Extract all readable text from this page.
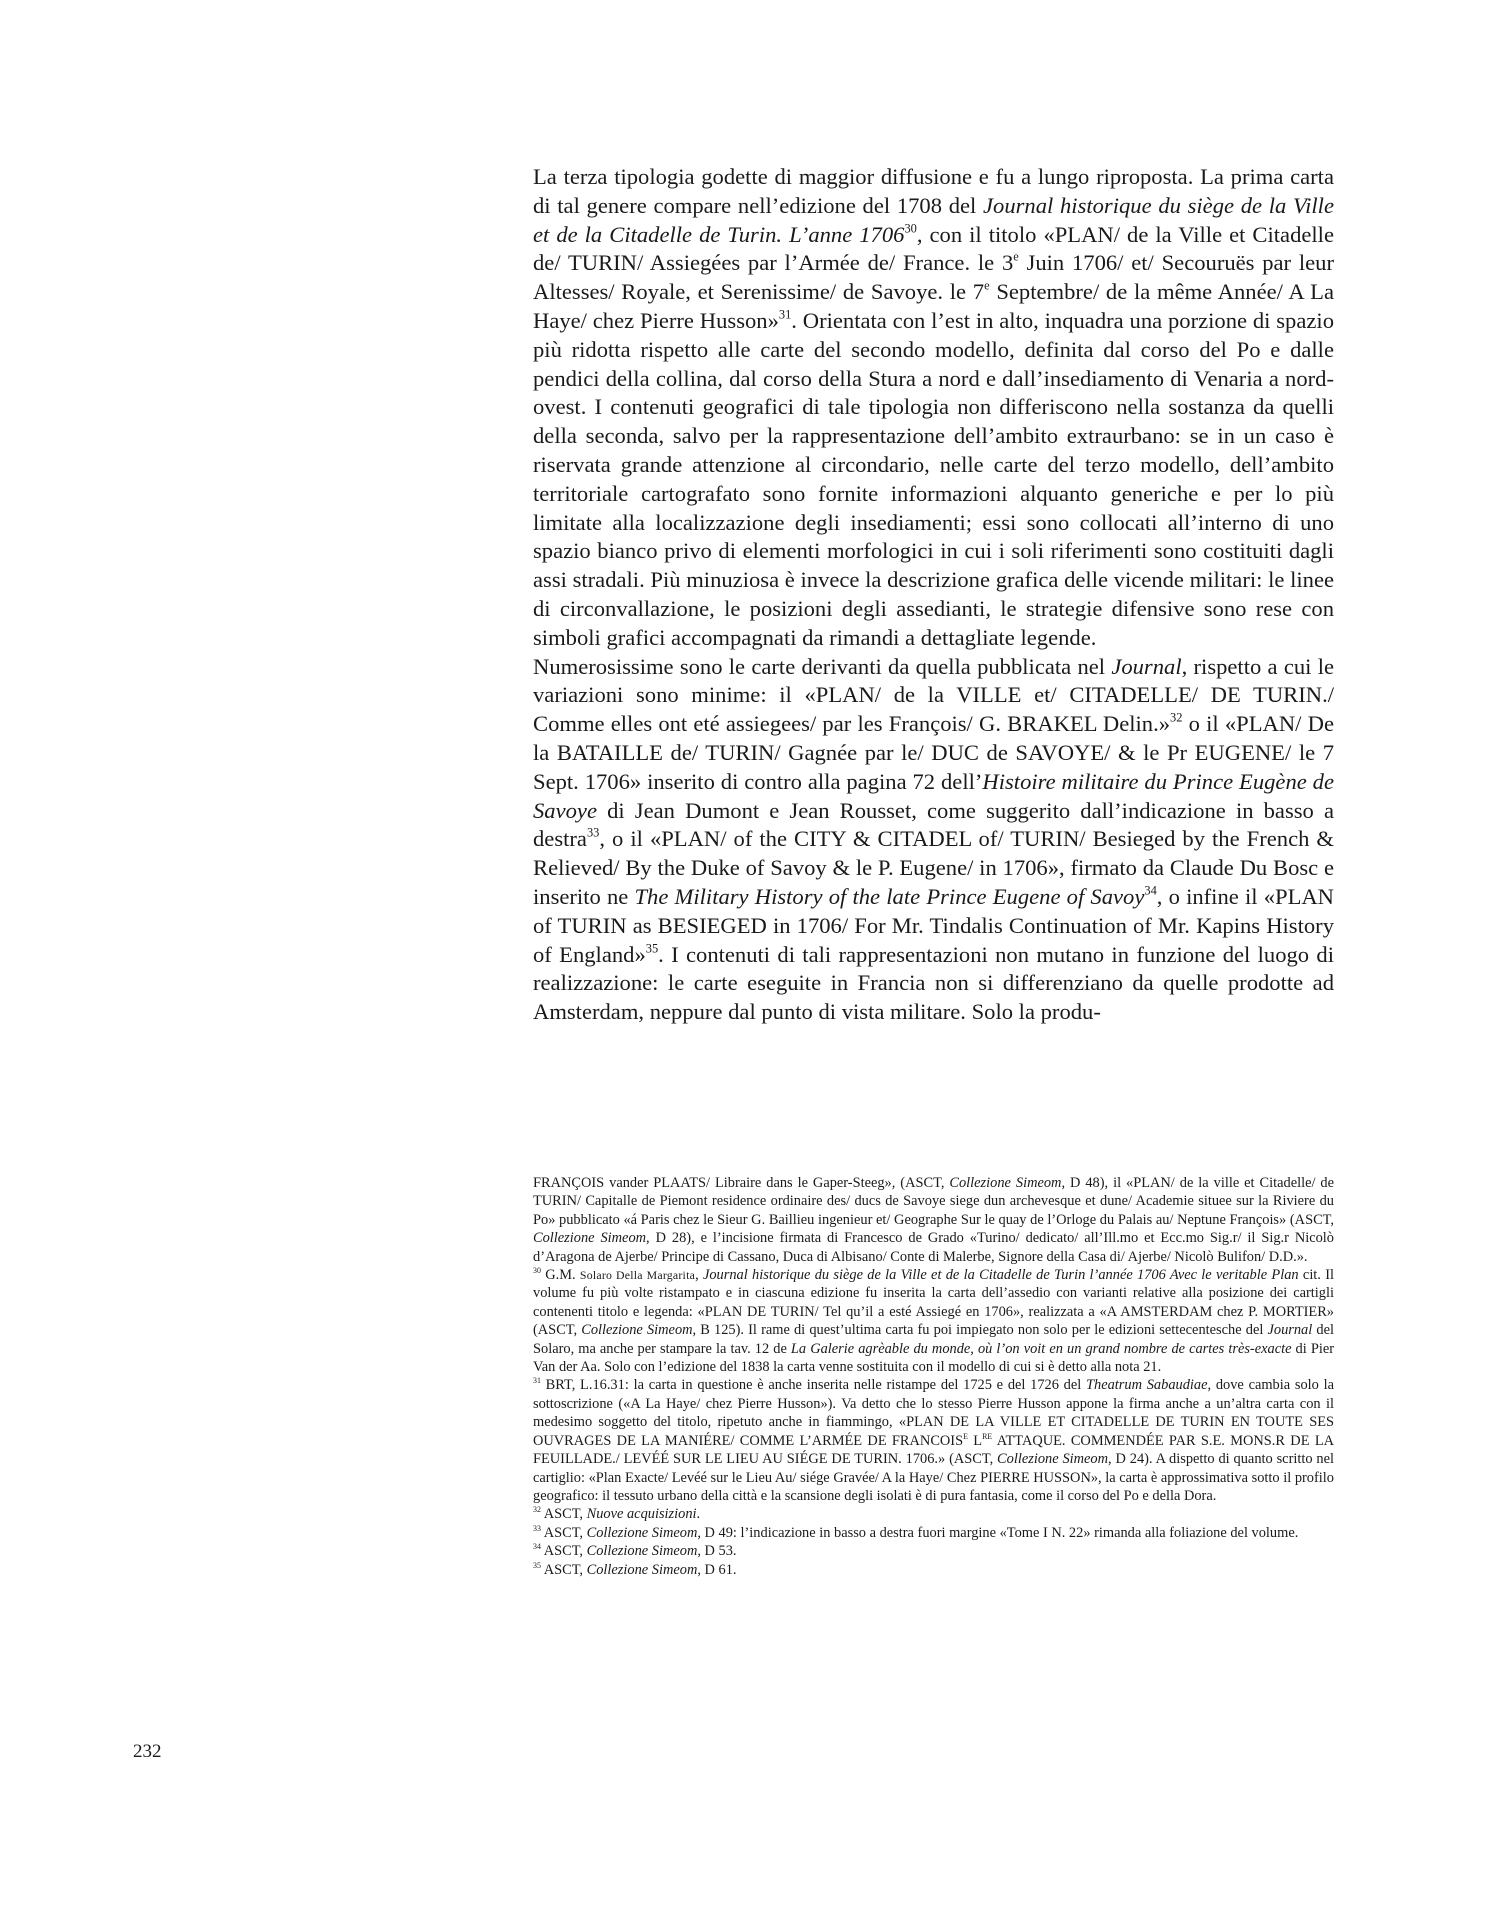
La terza tipologia godette di maggior diffusione e fu a lungo riproposta. La prima carta di tal genere compare nell’edizione del 1708 del Journal historique du siège de la Ville et de la Citadelle de Turin. L’anne 1706$^{30}$, con il titolo «PLAN/ de la Ville et Citadelle de/ TURIN/ Assiegées par l’Armée de/ France. le 3e Juin 1706/ et/ Secouruës par leur Altesses/ Royale, et Serenissime/ de Savoye. le 7e Septembre/ de la même Année/ A La Haye/ chez Pierre Husson»$^{31}$. Orientata con l’est in alto, inquadra una porzione di spazio più ridotta rispetto alle carte del secondo modello, definita dal corso del Po e dalle pendici della collina, dal corso della Stura a nord e dall’insediamento di Venaria a nord-ovest. I contenuti geografici di tale tipologia non differiscono nella sostanza da quelli della seconda, salvo per la rappresentazione dell’ambito extraurbano: se in un caso è riservata grande attenzione al circondario, nelle carte del terzo modello, dell’ambito territoriale cartografato sono fornite informazioni alquanto generiche e per lo più limitate alla localizzazione degli insediamenti; essi sono collocati all’interno di uno spazio bianco privo di elementi morfologici in cui i soli riferimenti sono costituiti dagli assi stradali. Più minuziosa è invece la descrizione grafica delle vicende militari: le linee di circonvallazione, le posizioni degli assedianti, le strategie difensive sono rese con simboli grafici accompagnati da rimandi a dettagliate legende.

Numerosissime sono le carte derivanti da quella pubblicata nel Journal, rispetto a cui le variazioni sono minime: il «PLAN/ de la VILLE et/ CITADELLE/ DE TURIN./ Comme elles ont eté assiegees/ par les François/ G. BRAKEL Delin.»$^{32}$ o il «PLAN/ De la BATAILLE de/ TURIN/ Gagnée par le/ DUC de SAVOYE/ & le Pr EUGENE/ le 7 Sept. 1706» inserito di contro alla pagina 72 dell’Histoire militaire du Prince Eugène de Savoye di Jean Dumont e Jean Rousset, come suggerito dall’indicazione in basso a destra$^{33}$, o il «PLAN/ of the CITY & CITADEL of/ TURIN/ Besieged by the French & Relieved/ By the Duke of Savoy & le P. Eugene/ in 1706», firmato da Claude Du Bosc e inserito ne The Military History of the late Prince Eugene of Savoy$^{34}$, o infine il «PLAN of TURIN as BESIEGED in 1706/ For Mr. Tindalis Continuation of Mr. Kapins History of England»$^{35}$. I contenuti di tali rappresentazioni non mutano in funzione del luogo di realizzazione: le carte eseguite in Francia non si differenziano da quelle prodotte ad Amsterdam, neppure dal punto di vista militare. Solo la produ-

FRANÇOIS vander PLAATS/ Libraire dans le Gaper-Steeg», (ASCT, Collezione Simeom, D 48), il «PLAN/ de la ville et Citadelle/ de TURIN/ Capitalle de Piemont residence ordinaire des/ ducs de Savoye siege dun archevesque et dune/ Academie situee sur la Riviere du Po» pubblicato «á Paris chez le Sieur G. Baillieu ingenieur et/ Geographe Sur le quay de l’Orloge du Palais au/ Neptune François» (ASCT, Collezione Simeom, D 28), e l’incisione firmata di Francesco de Grado «Turino/ dedicato/ all’Ill.mo et Ecc.mo Sig.r/ il Sig.r Nicolò d’Aragona de Ajerbe/ Principe di Cassano, Duca di Albisano/ Conte di Malerbe, Signore della Casa di/ Ajerbe/ Nicolò Bulifon/ D.D.».

$^{30}$ G.M. Solaro Della Margarita, Journal historique du siège de la Ville et de la Citadelle de Turin l’année 1706 Avec le veritable Plan cit. Il volume fu più volte ristampato e in ciascuna edizione fu inserita la carta dell’assedio con varianti relative alla posizione dei cartigli contenenti titolo e legenda: «PLAN DE TURIN/ Tel qu’il a esté Assiegé en 1706», realizzata a «A AMSTERDAM chez P. MORTIER» (ASCT, Collezione Simeom, B 125). Il rame di quest’ultima carta fu poi impiegato non solo per le edizioni settecentesche del Journal del Solaro, ma anche per stampare la tav. 12 de La Galerie agrèable du monde, où l’on voit en un grand nombre de cartes très-exacte di Pier Van der Aa. Solo con l’edizione del 1838 la carta venne sostituita con il modello di cui si è detto alla nota 21.

$^{31}$ BRT, L.16.31: la carta in questione è anche inserita nelle ristampe del 1725 e del 1726 del Theatrum Sabaudiae, dove cambia solo la sottoscrizione («A La Haye/ chez Pierre Husson»). Va detto che lo stesso Pierre Husson appone la firma anche a un’altra carta con il medesimo soggetto del titolo, ripetuto anche in fiammingo, «PLAN DE LA VILLE ET CITADELLE DE TURIN EN TOUTE SES OUVRAGES DE LA MANIÉRE/ COMME L’ARMÉE DE $FRANCOIS^E$ LRE ATTAQUE. COMMENDÉE PAR S.E. MONS.R DE LA FEUILLADE./ LEVÉÉ SUR LE LIEU AU SIÉGE DE TURIN. 1706.» (ASCT, Collezione Simeom, D 24). A dispetto di quanto scritto nel cartiglio: «Plan Exacte/ Levéé sur le Lieu Au/ siége Gravée/ A la Haye/ Chez PIERRE HUSSON», la carta è approssimativa sotto il profilo geografico: il tessuto urbano della città e la scansione degli isolati è di pura fantasia, come il corso del Po e della Dora.

$^{32}$ ASCT, Nuove acquisizioni.

$^{33}$ ASCT, Collezione Simeom, D 49: l’indicazione in basso a destra fuori margine «Tome I N. 22» rimanda alla foliazione del volume.

$^{34}$ ASCT, Collezione Simeom, D 53.

$^{35}$ ASCT, Collezione Simeom, D 61.

232
